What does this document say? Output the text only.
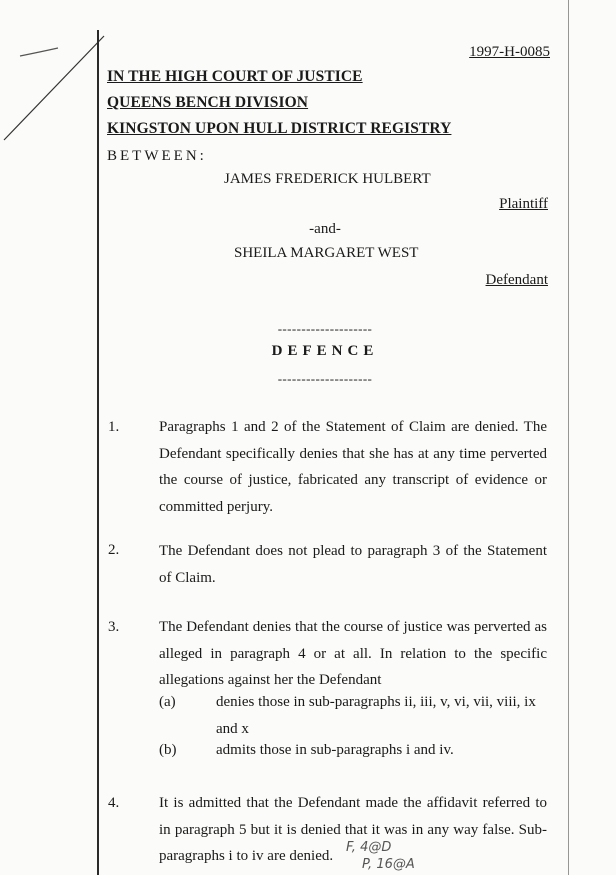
1997-H-0085
IN THE HIGH COURT OF JUSTICE
QUEENS BENCH DIVISION
KINGSTON UPON HULL DISTRICT REGISTRY
BETWEEN:
JAMES FREDERICK HULBERT
Plaintiff
-and-
SHEILA MARGARET WEST
Defendant
--------------------
DEFENCE
--------------------
1.	Paragraphs 1 and 2 of the Statement of Claim are denied. The Defendant specifically denies that she has at any time perverted the course of justice, fabricated any transcript of evidence or committed perjury.
2.	The Defendant does not plead to paragraph 3 of the Statement of Claim.
3.	The Defendant denies that the course of justice was perverted as alleged in paragraph 4 or at all. In relation to the specific allegations against her the Defendant
(a)	denies those in sub-paragraphs ii, iii, v, vi, vii, viii, ix and x
(b)	admits those in sub-paragraphs i and iv.
4.	It is admitted that the Defendant made the affidavit referred to in paragraph 5 but it is denied that it was in any way false. Sub-paragraphs i to iv are denied.
F, 4@D
P, 16@A
